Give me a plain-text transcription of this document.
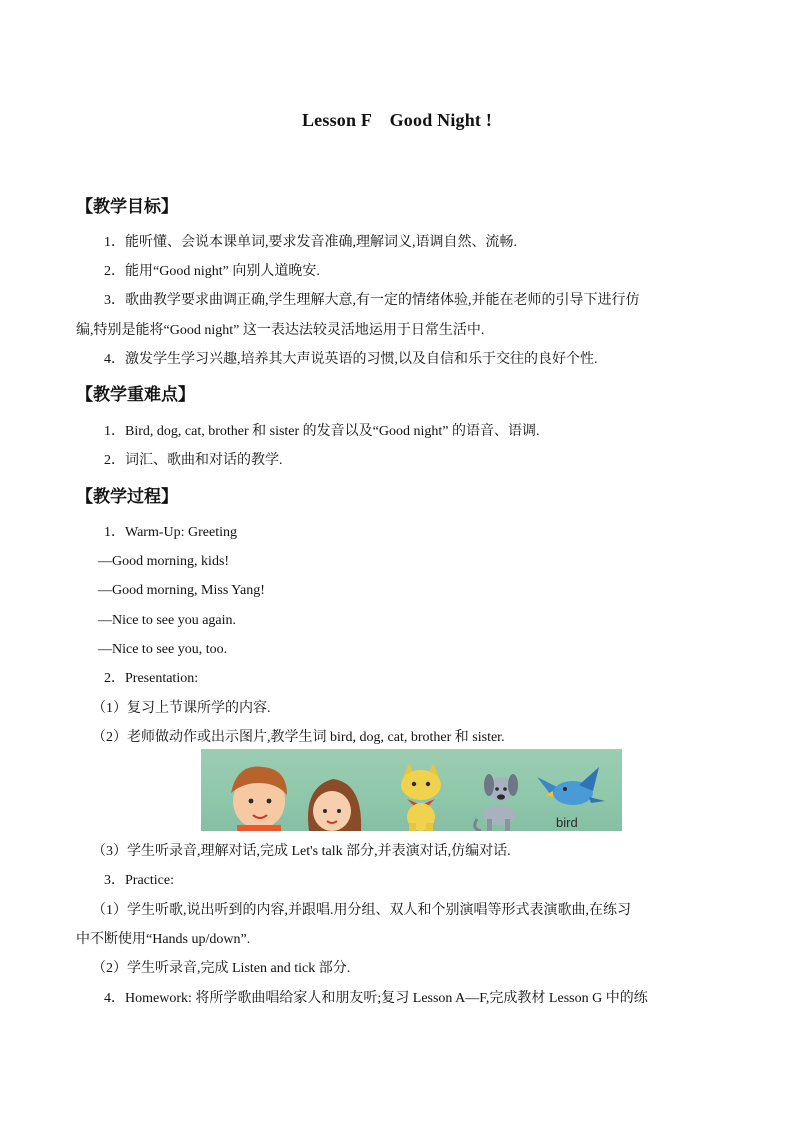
Lesson F　Good Night !
【教学目标】
1．能听懂、会说本课单词,要求发音准确,理解词义,语调自然、流畅.
2．能用“Good night” 向别人道晚安.
3．歌曲教学要求曲调正确,学生理解大意,有一定的情绪体验,并能在老师的引导下进行仿
编,特别是能将“Good night” 这一表达法较灵活地运用于日常生活中.
4．激发学生学习兴趣,培养其大声说英语的习惯,以及自信和乐于交往的良好个性.
【教学重难点】
1．Bird, dog, cat, brother 和 sister 的发音以及“Good night” 的语音、语调.
2．词汇、歌曲和对话的教学.
【教学过程】
1．Warm-Up: Greeting
—Good morning, kids!
—Good morning, Miss Yang!
—Nice to see you again.
—Nice to see you, too.
2．Presentation:
（1）复习上节课所学的内容.
（2）老师做动作或出示图片,教学生词 bird, dog, cat, brother 和 sister.
bird
（3）学生听录音,理解对话,完成 Let's talk 部分,并表演对话,仿编对话.
3．Practice:
（1）学生听歌,说出听到的内容,并跟唱.用分组、双人和个别演唱等形式表演歌曲,在练习
中不断使用“Hands up/down”.
（2）学生听录音,完成 Listen and tick 部分.
4．Homework: 将所学歌曲唱给家人和朋友听;复习 Lesson A—F,完成教材 Lesson G 中的练
